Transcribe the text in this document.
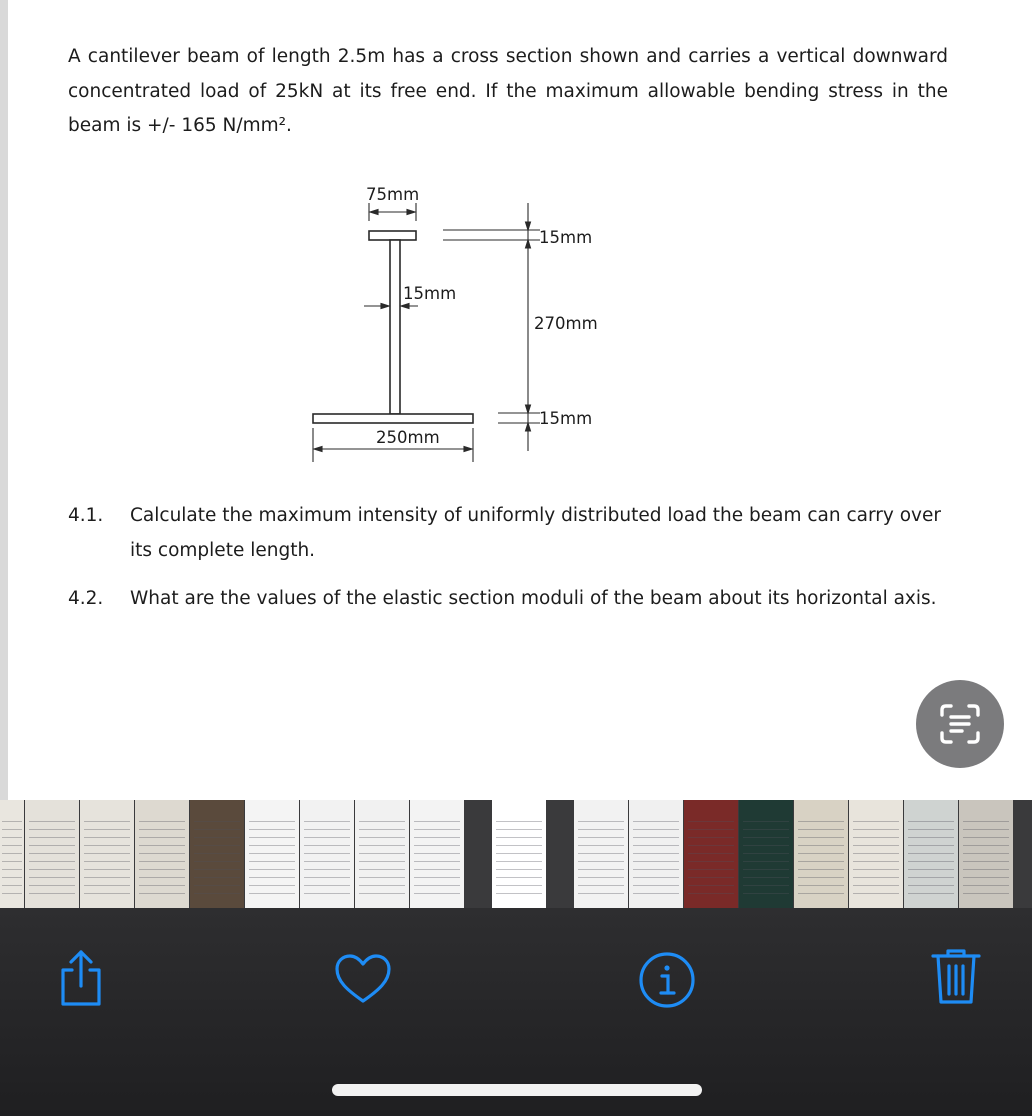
A cantilever beam of length 2.5m has a cross section shown and carries a vertical downward concentrated load of 25kN at its free end. If the maximum allowable bending stress in the beam is +/- 165 N/mm².
75mm
15mm
250mm
15mm
270mm
15mm
4.1.	Calculate the maximum intensity of uniformly distributed load the beam can carry over its complete length.
4.2.	What are the values of the elastic section moduli of the beam about its horizontal axis.
